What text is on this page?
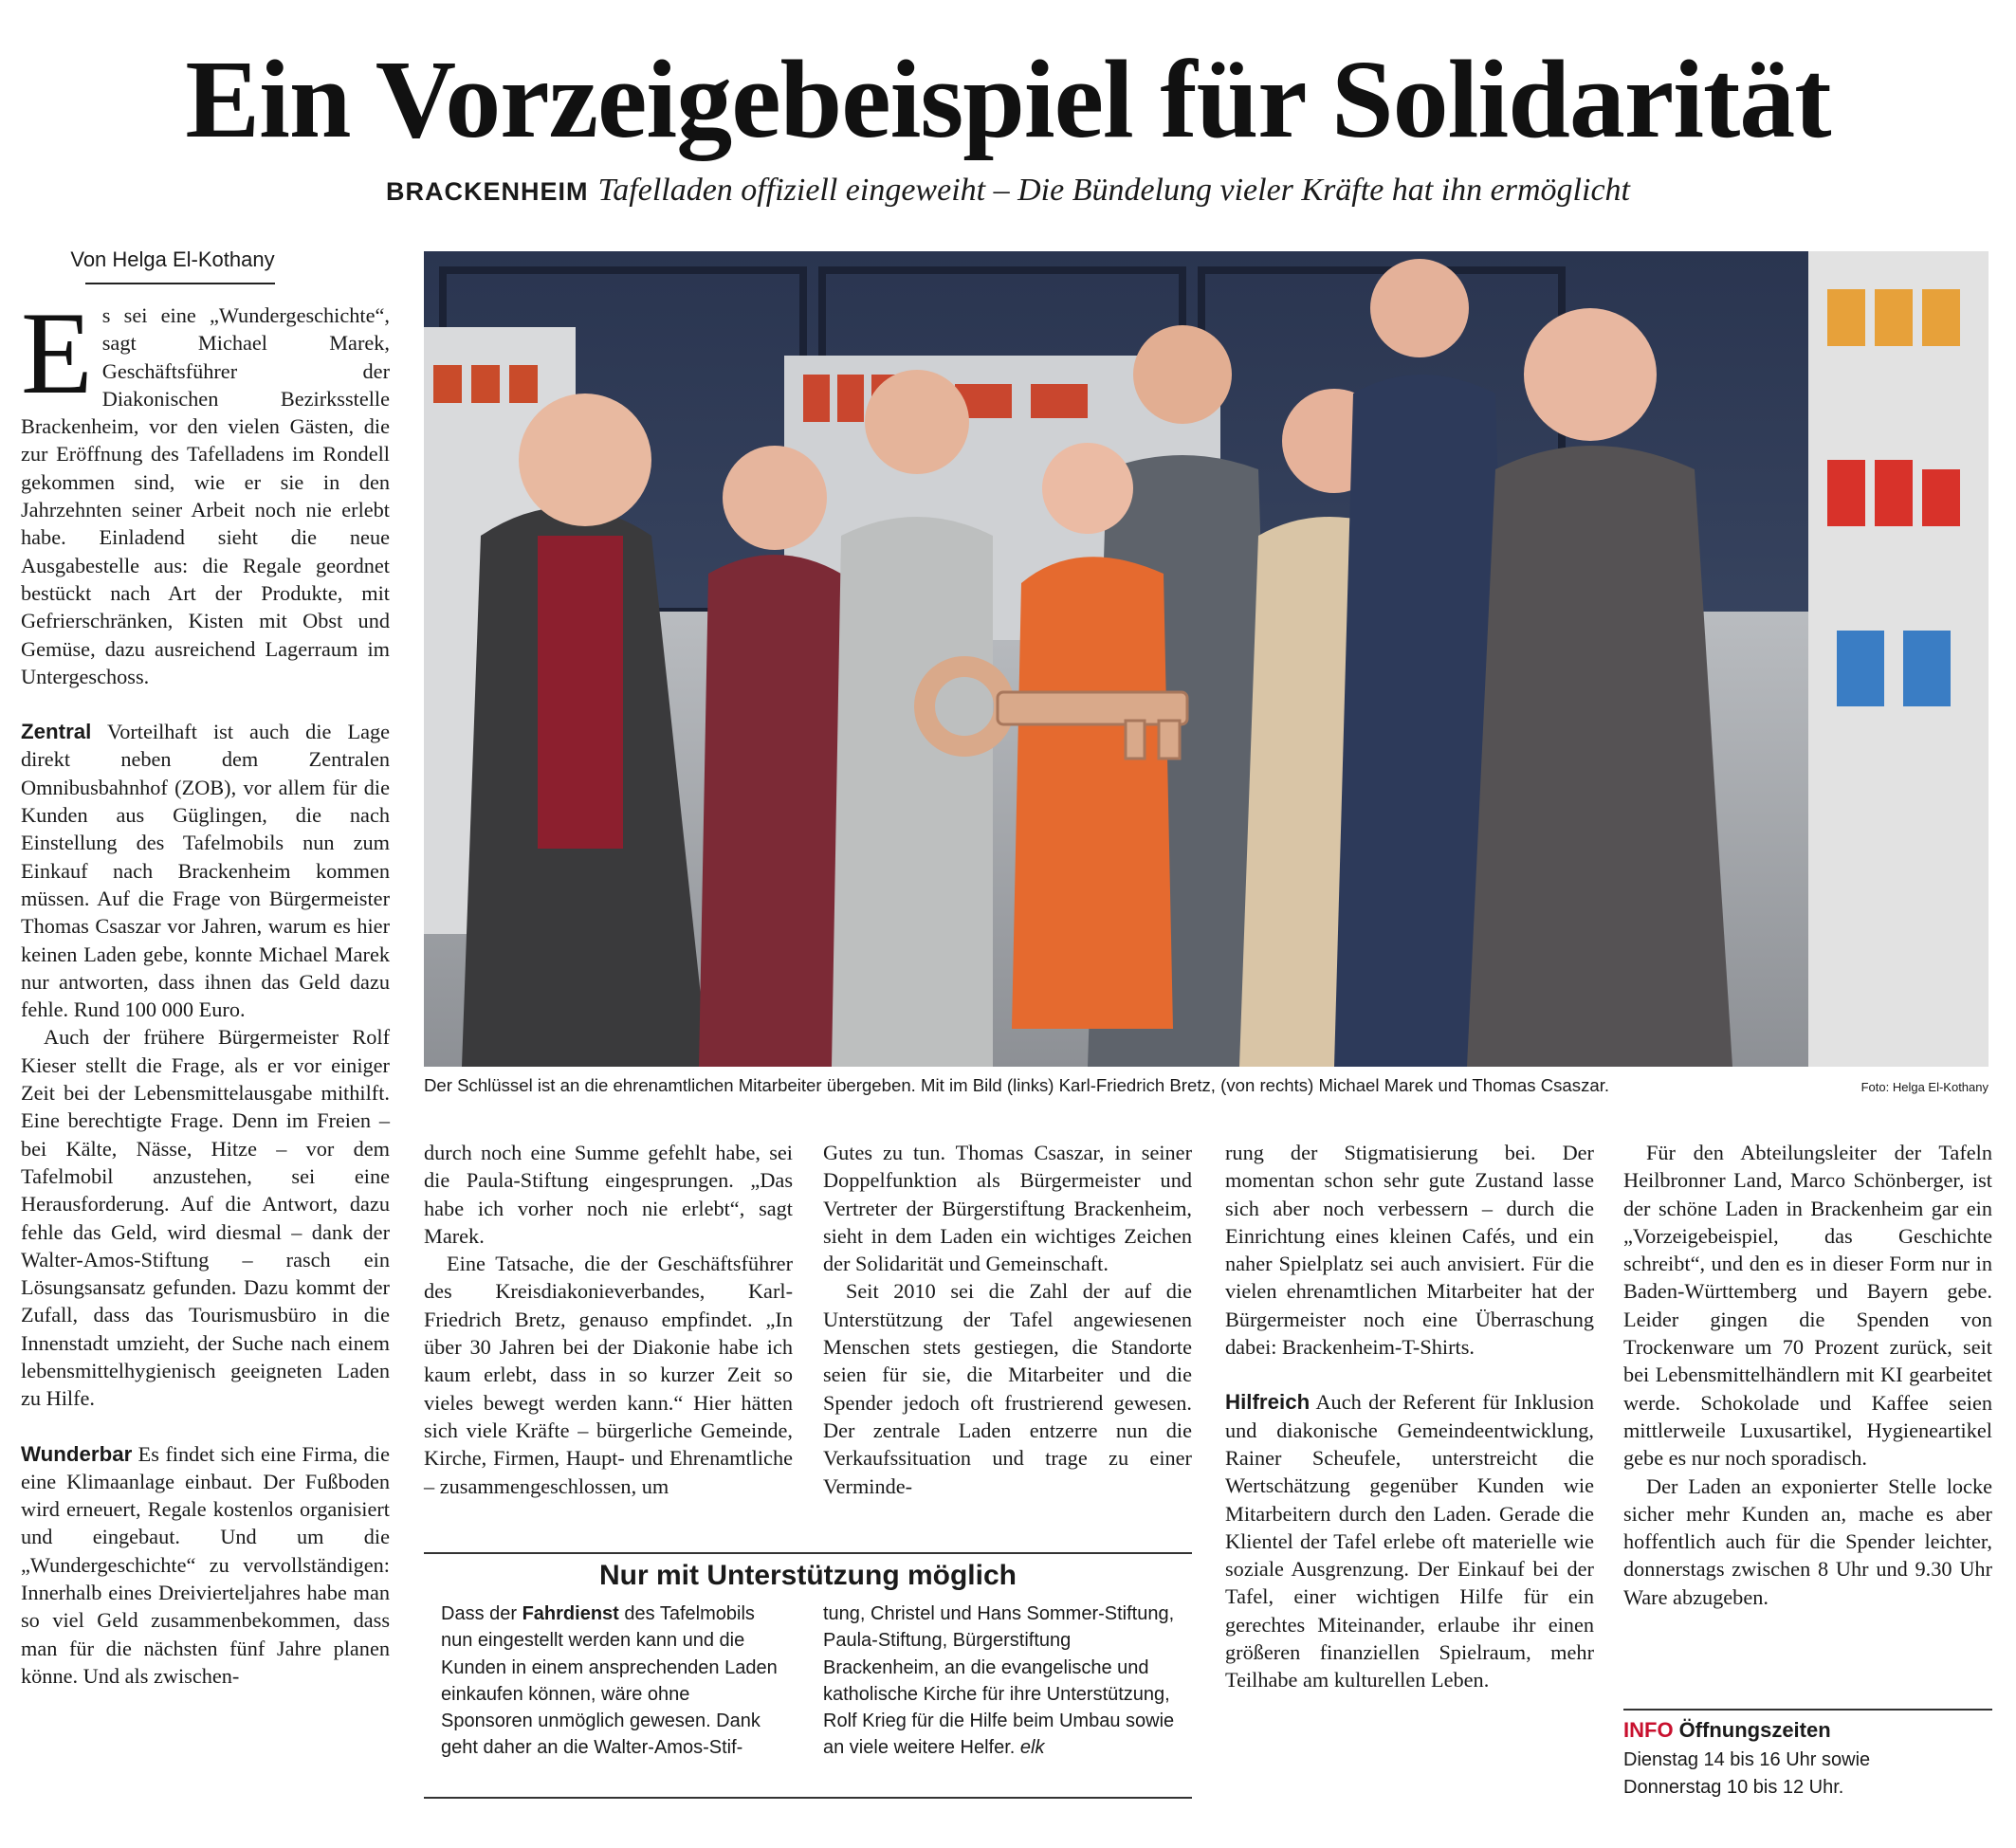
Ein Vorzeigebeispiel für Solidarität
BRACKENHEIM Tafelladen offiziell eingeweiht – Die Bündelung vieler Kräfte hat ihn ermöglicht
Von Helga El-Kothany

Es sei eine „Wundergeschichte“, sagt Michael Marek, Geschäftsführer der Diakonischen Bezirksstelle Brackenheim, vor den vielen Gästen, die zur Eröffnung des Tafelladens im Rondell gekommen sind, wie er sie in den Jahrzehnten seiner Arbeit noch nie erlebt habe. Einladend sieht die neue Ausgabestelle aus: die Regale geordnet bestückt nach Art der Produkte, mit Gefrierschränken, Kisten mit Obst und Gemüse, dazu ausreichend Lagerraum im Untergeschoss.

Zentral Vorteilhaft ist auch die Lage direkt neben dem Zentralen Omnibusbahnhof (ZOB), vor allem für die Kunden aus Güglingen, die nach Einstellung des Tafelmobils nun zum Einkauf nach Brackenheim kommen müssen. Auf die Frage von Bürgermeister Thomas Csaszar vor Jahren, warum es hier keinen Laden gebe, konnte Michael Marek nur antworten, dass ihnen das Geld dazu fehle. Rund 100 000 Euro.

Auch der frühere Bürgermeister Rolf Kieser stellt die Frage, als er vor einiger Zeit bei der Lebensmittelausgabe mithilft. Eine berechtigte Frage. Denn im Freien – bei Kälte, Nässe, Hitze – vor dem Tafelmobil anzustehen, sei eine Herausforderung. Auf die Antwort, dazu fehle das Geld, wird diesmal – dank der Walter-Amos-Stiftung – rasch ein Lösungsansatz gefunden. Dazu kommt der Zufall, dass das Tourismusbüro in die Innenstadt umzieht, der Suche nach einem lebensmittelhygienisch geeigneten Laden zu Hilfe.

Wunderbar Es findet sich eine Firma, die eine Klimaanlage einbaut. Der Fußboden wird erneuert, Regale kostenlos organisiert und eingebaut. Und um die „Wundergeschichte“ zu vervollständigen: Innerhalb eines Dreivierteljahres habe man so viel Geld zusammenbekommen, dass man für die nächsten fünf Jahre planen könne. Und als zwischen-

Der Schlüssel ist an die ehrenamtlichen Mitarbeiter übergeben. Mit im Bild (links) Karl-Friedrich Bretz, (von rechts) Michael Marek und Thomas Csaszar.	Foto: Helga El-Kothany

durch noch eine Summe gefehlt habe, sei die Paula-Stiftung eingesprungen. „Das habe ich vorher noch nie erlebt“, sagt Marek.

Eine Tatsache, die der Geschäftsführer des Kreisdiakonieverbandes, Karl-Friedrich Bretz, genauso empfindet. „In über 30 Jahren bei der Diakonie habe ich kaum erlebt, dass in so kurzer Zeit so vieles bewegt werden kann.“ Hier hätten sich viele Kräfte – bürgerliche Gemeinde, Kirche, Firmen, Haupt- und Ehrenamtliche – zusammengeschlossen, um

Gutes zu tun. Thomas Csaszar, in seiner Doppelfunktion als Bürgermeister und Vertreter der Bürgerstiftung Brackenheim, sieht in dem Laden ein wichtiges Zeichen der Solidarität und Gemeinschaft.

Seit 2010 sei die Zahl der auf die Unterstützung der Tafel angewiesenen Menschen stets gestiegen, die Standorte seien für sie, die Mitarbeiter und die Spender jedoch oft frustrierend gewesen. Der zentrale Laden entzerre nun die Verkaufssituation und trage zu einer Verminde-

Nur mit Unterstützung möglich
Dass der Fahrdienst des Tafelmobils nun eingestellt werden kann und die Kunden in einem ansprechenden Laden einkaufen können, wäre ohne Sponsoren unmöglich gewesen. Dank geht daher an die Walter-Amos-Stif-
tung, Christel und Hans Sommer-Stiftung, Paula-Stiftung, Bürgerstiftung Brackenheim, an die evangelische und katholische Kirche für ihre Unterstützung, Rolf Krieg für die Hilfe beim Umbau sowie an viele weitere Helfer. elk

rung der Stigmatisierung bei. Der momentan schon sehr gute Zustand lasse sich aber noch verbessern – durch die Einrichtung eines kleinen Cafés, und ein naher Spielplatz sei auch anvisiert. Für die vielen ehrenamtlichen Mitarbeiter hat der Bürgermeister noch eine Überraschung dabei: Brackenheim-T-Shirts.

Hilfreich Auch der Referent für Inklusion und diakonische Gemeindeentwicklung, Rainer Scheufele, unterstreicht die Wertschätzung gegenüber Kunden wie Mitarbeitern durch den Laden. Gerade die Klientel der Tafel erlebe oft materielle wie soziale Ausgrenzung. Der Einkauf bei der Tafel, einer wichtigen Hilfe für ein gerechtes Miteinander, erlaube ihr einen größeren finanziellen Spielraum, mehr Teilhabe am kulturellen Leben.

Für den Abteilungsleiter der Tafeln Heilbronner Land, Marco Schönberger, ist der schöne Laden in Brackenheim gar ein „Vorzeigebeispiel, das Geschichte schreibt“, und den es in dieser Form nur in Baden-Württemberg und Bayern gebe. Leider gingen die Spenden von Trockenware um 70 Prozent zurück, seit bei Lebensmittelhändlern mit KI gearbeitet werde. Schokolade und Kaffee seien mittlerweile Luxusartikel, Hygieneartikel gebe es nur noch sporadisch.

Der Laden an exponierter Stelle locke sicher mehr Kunden an, mache es aber hoffentlich auch für die Spender leichter, donnerstags zwischen 8 Uhr und 9.30 Uhr Ware abzugeben.

INFO Öffnungszeiten
Dienstag 14 bis 16 Uhr sowie Donnerstag 10 bis 12 Uhr.
